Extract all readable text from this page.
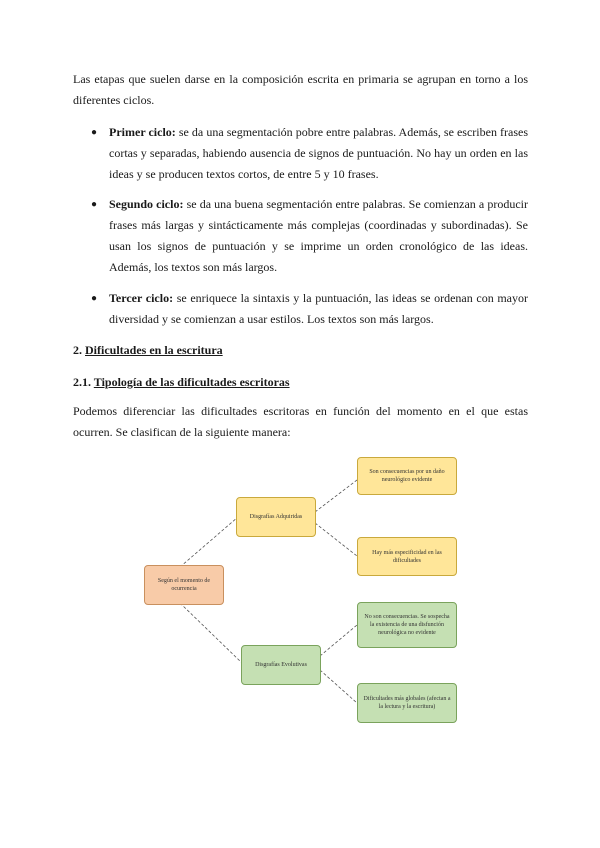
Las etapas que suelen darse en la composición escrita en primaria se agrupan en torno a los diferentes ciclos.

● Primer ciclo: se da una segmentación pobre entre palabras. Además, se escriben frases cortas y separadas, habiendo ausencia de signos de puntuación. No hay un orden en las ideas y se producen textos cortos, de entre 5 y 10 frases.

● Segundo ciclo: se da una buena segmentación entre palabras. Se comienzan a producir frases más largas y sintácticamente más complejas (coordinadas y subordinadas). Se usan los signos de puntuación y se imprime un orden cronológico de las ideas. Además, los textos son más largos.

● Tercer ciclo: se enriquece la sintaxis y la puntuación, las ideas se ordenan con mayor diversidad y se comienzan a usar estilos. Los textos son más largos.

2. Dificultades en la escritura
2.1. Tipología de las dificultades escritoras

Podemos diferenciar las dificultades escritoras en función del momento en el que estas ocurren. Se clasifican de la siguiente manera:

Según el momento de ocurrencia
Disgrafías Adquiridas
Disgrafías Evolutivas
Son consecuencias por un daño neurológico evidente
Hay más especificidad en las dificultades
No son consecuencias. Se sospecha la existencia de una disfunción neurológica no evidente
Dificultades más globales (afectan a la lectura y la escritura)
